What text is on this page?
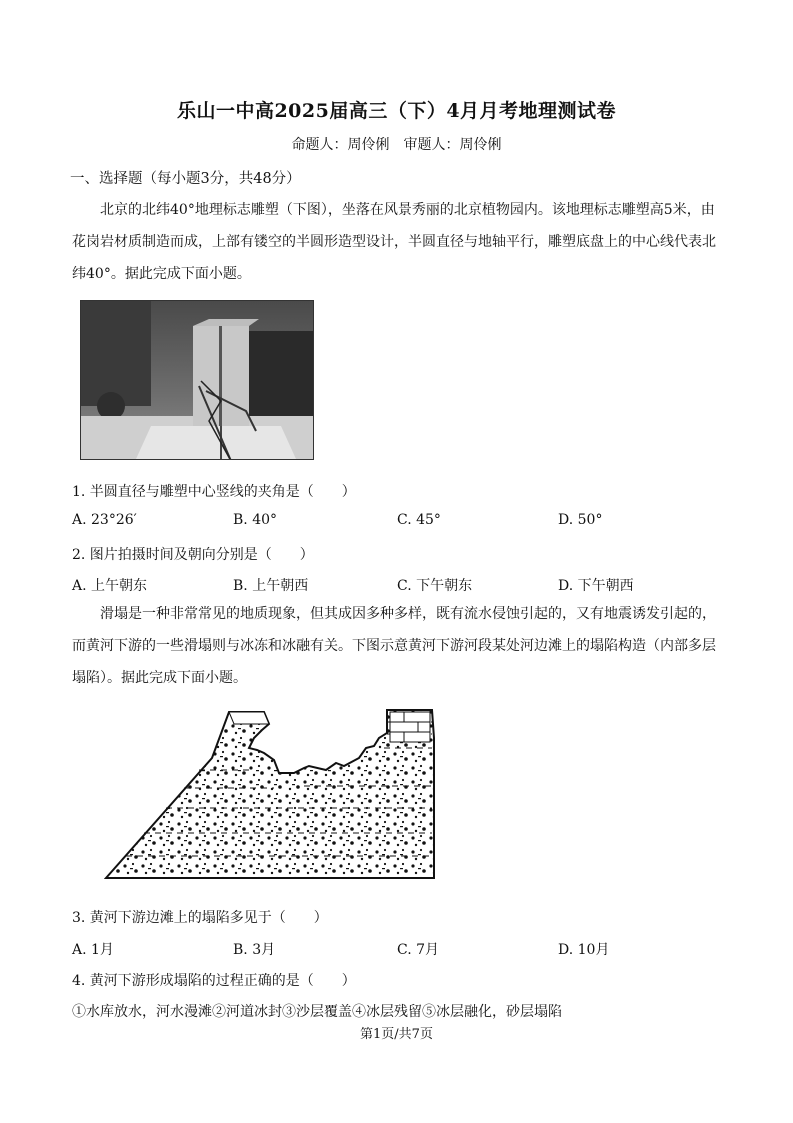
乐山一中高2025届高三（下）4月月考地理测试卷
命题人：周伶俐　审题人：周伶俐
一、选择题（每小题3分，共48分）
北京的北纬40°地理标志雕塑（下图），坐落在风景秀丽的北京植物园内。该地理标志雕塑高5米，由花岗岩材质制造而成，上部有镂空的半圆形造型设计，半圆直径与地轴平行，雕塑底盘上的中心线代表北纬40°。据此完成下面小题。
1. 半圆直径与雕塑中心竖线的夹角是（　　）
A. 23°26′	B. 40°	C. 45°	D. 50°
2. 图片拍摄时间及朝向分别是（　　）
A. 上午朝东	B. 上午朝西	C. 下午朝东	D. 下午朝西
滑塌是一种非常常见的地质现象，但其成因多种多样，既有流水侵蚀引起的，又有地震诱发引起的，而黄河下游的一些滑塌则与冰冻和冰融有关。下图示意黄河下游河段某处河边滩上的塌陷构造（内部多层塌陷）。据此完成下面小题。
3. 黄河下游边滩上的塌陷多见于（　　）
A. 1月	B. 3月	C. 7月	D. 10月
4. 黄河下游形成塌陷的过程正确的是（　　）
①水库放水，河水漫滩②河道冰封③沙层覆盖④冰层残留⑤冰层融化，砂层塌陷
第1页/共7页
